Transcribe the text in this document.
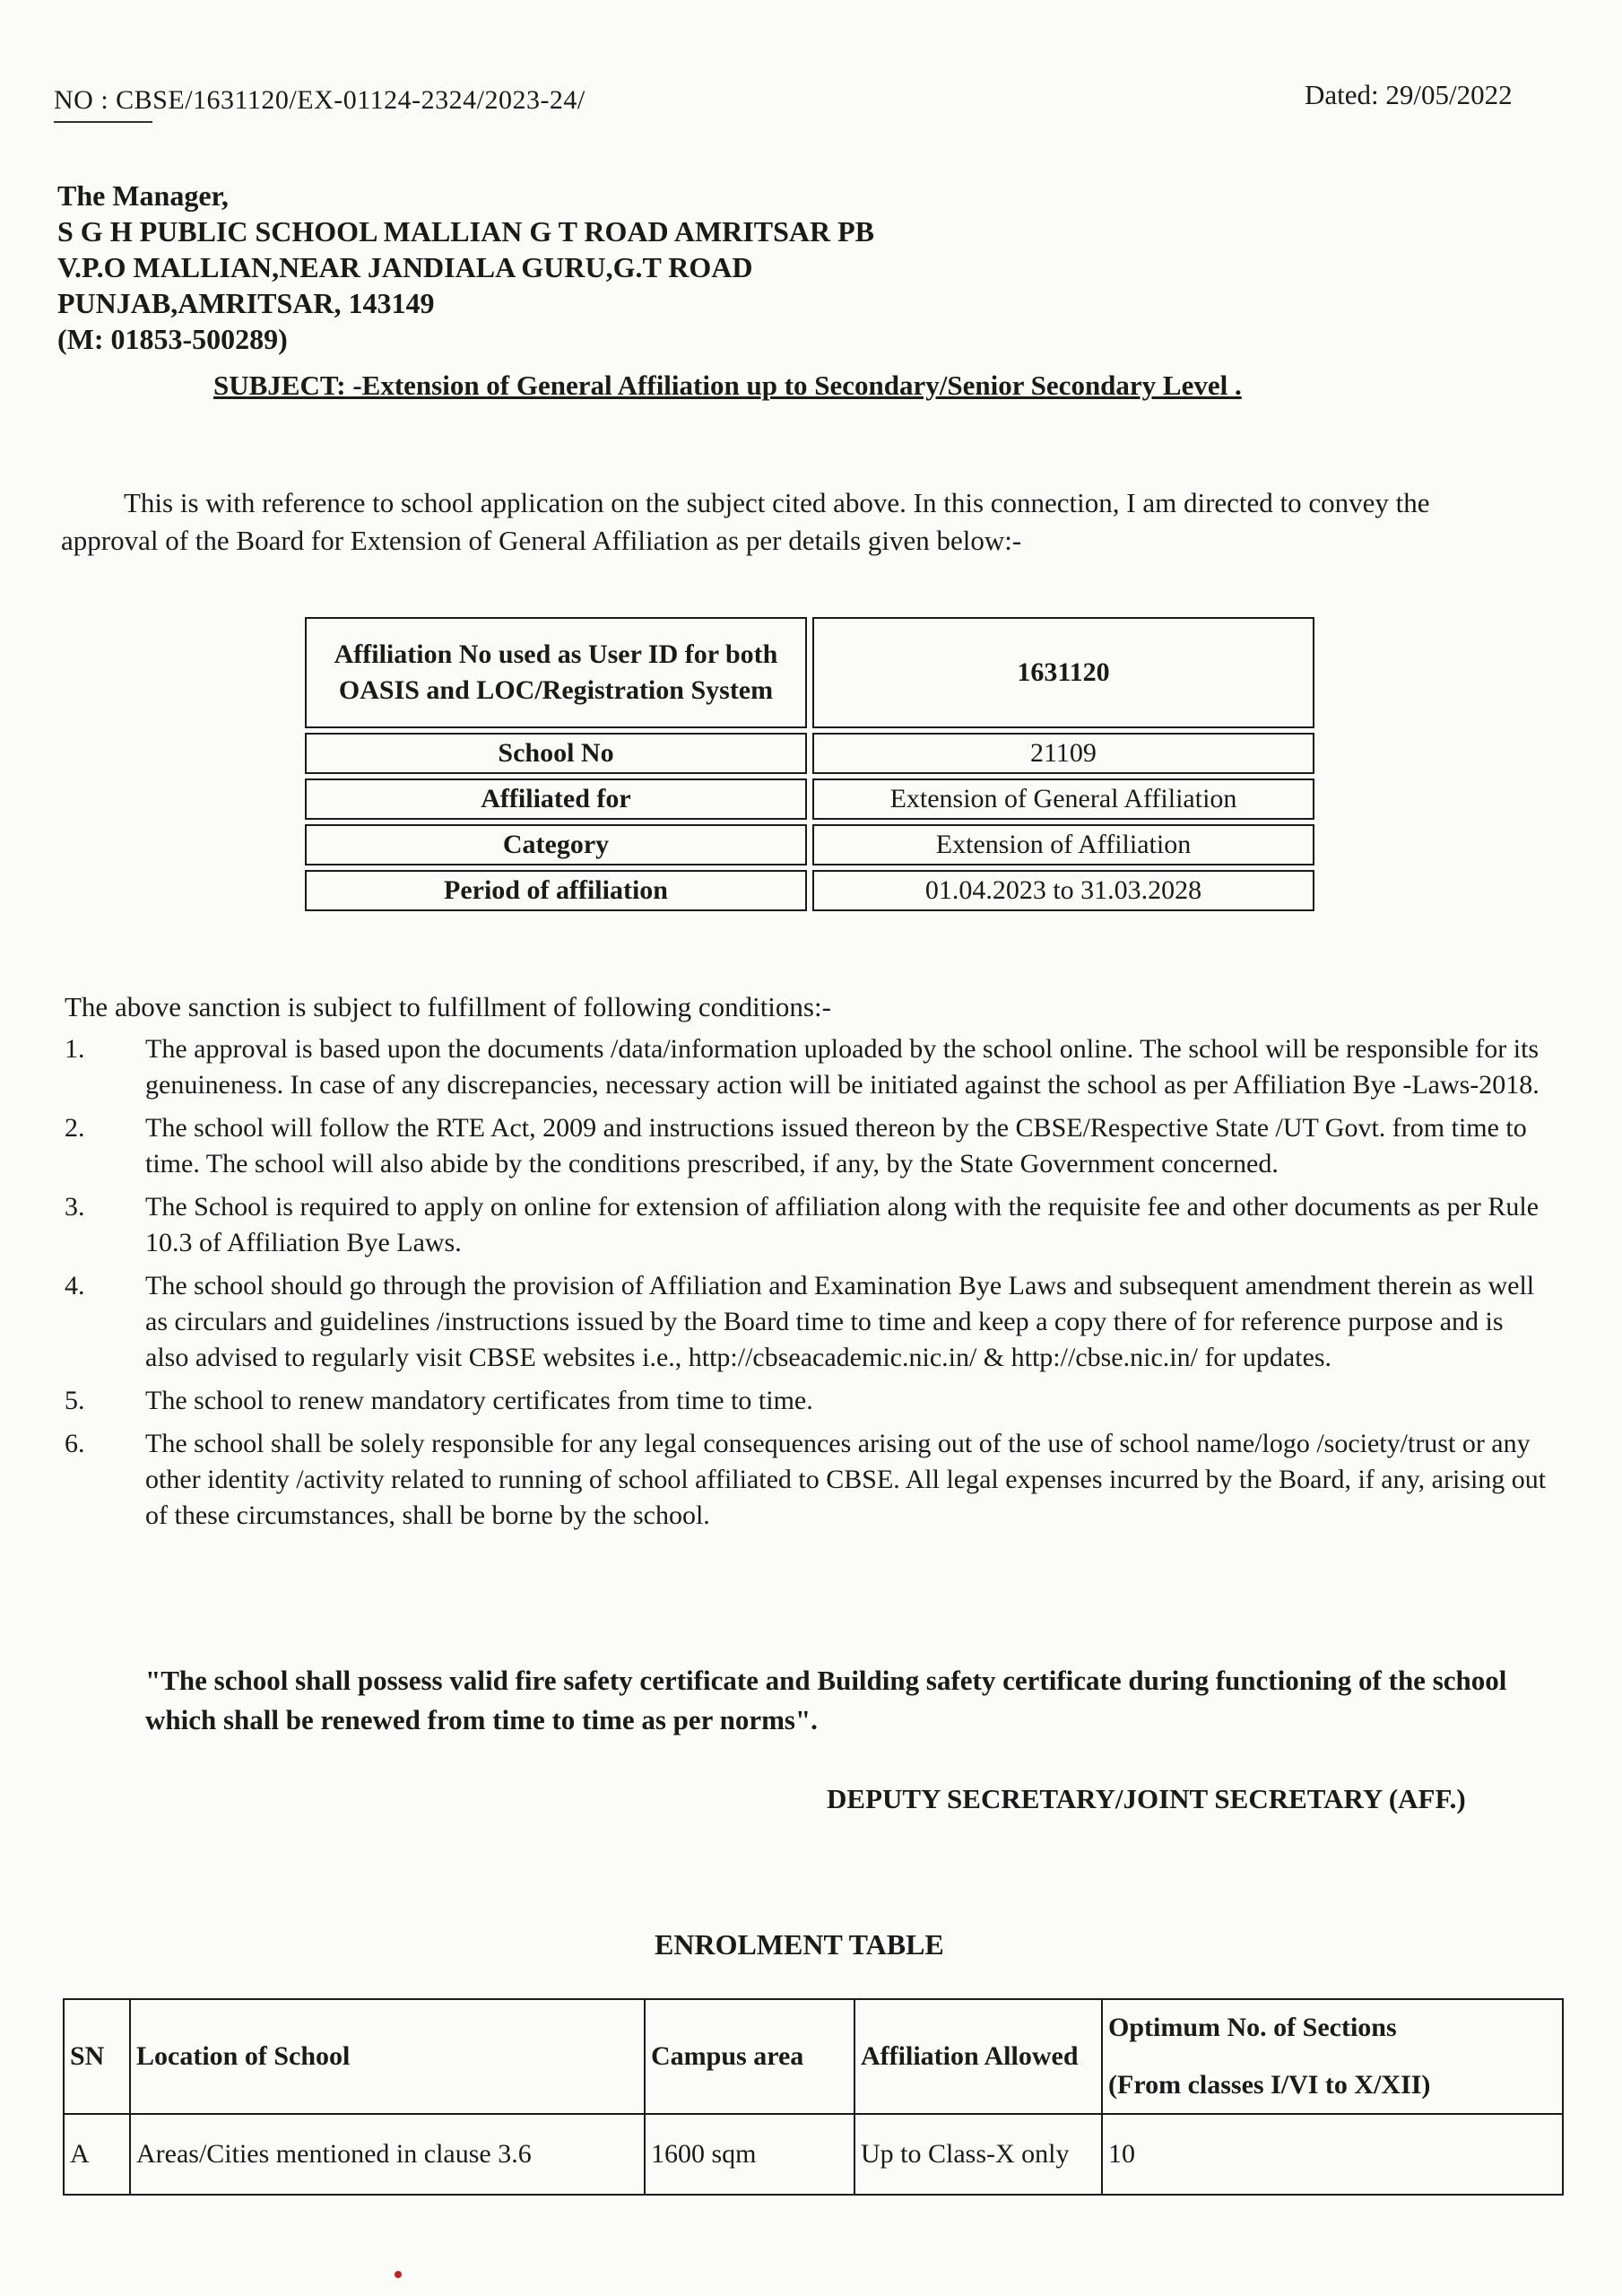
NO : CBSE/1631120/EX-01124-2324/2023-24/	Dated: 29/05/2022
The Manager,
S G H PUBLIC SCHOOL MALLIAN G T ROAD AMRITSAR PB
V.P.O MALLIAN,NEAR JANDIALA GURU,G.T ROAD
PUNJAB,AMRITSAR, 143149
(M: 01853-500289)
SUBJECT: -Extension of General Affiliation up to Secondary/Senior Secondary Level .
This is with reference to school application on the subject cited above. In this connection, I am directed to convey the approval of the Board for Extension of General Affiliation as per details given below:-
Affiliation No used as User ID for both OASIS and LOC/Registration System	1631120
School No	21109
Affiliated for	Extension of General Affiliation
Category	Extension of Affiliation
Period of affiliation	01.04.2023 to 31.03.2028
The above sanction is subject to fulfillment of following conditions:-
1. The approval is based upon the documents /data/information uploaded by the school online. The school will be responsible for its genuineness. In case of any discrepancies, necessary action will be initiated against the school as per Affiliation Bye -Laws-2018.
2. The school will follow the RTE Act, 2009 and instructions issued thereon by the CBSE/Respective State /UT Govt. from time to time. The school will also abide by the conditions prescribed, if any, by the State Government concerned.
3. The School is required to apply on online for extension of affiliation along with the requisite fee and other documents as per Rule 10.3 of Affiliation Bye Laws.
4. The school should go through the provision of Affiliation and Examination Bye Laws and subsequent amendment therein as well as circulars and guidelines /instructions issued by the Board time to time and keep a copy there of for reference purpose and is also advised to regularly visit CBSE websites i.e., http://cbseacademic.nic.in/ & http://cbse.nic.in/ for updates.
5. The school to renew mandatory certificates from time to time.
6. The school shall be solely responsible for any legal consequences arising out of the use of school name/logo /society/trust or any other identity /activity related to running of school affiliated to CBSE. All legal expenses incurred by the Board, if any, arising out of these circumstances, shall be borne by the school.
"The school shall possess valid fire safety certificate and Building safety certificate during functioning of the school which shall be renewed from time to time as per norms".
DEPUTY SECRETARY/JOINT SECRETARY (AFF.)
ENROLMENT TABLE
SN	Location of School	Campus area	Affiliation Allowed	Optimum No. of Sections
(From classes I/VI to X/XII)

A	Areas/Cities mentioned in clause 3.6	1600 sqm	Up to Class-X only	10
